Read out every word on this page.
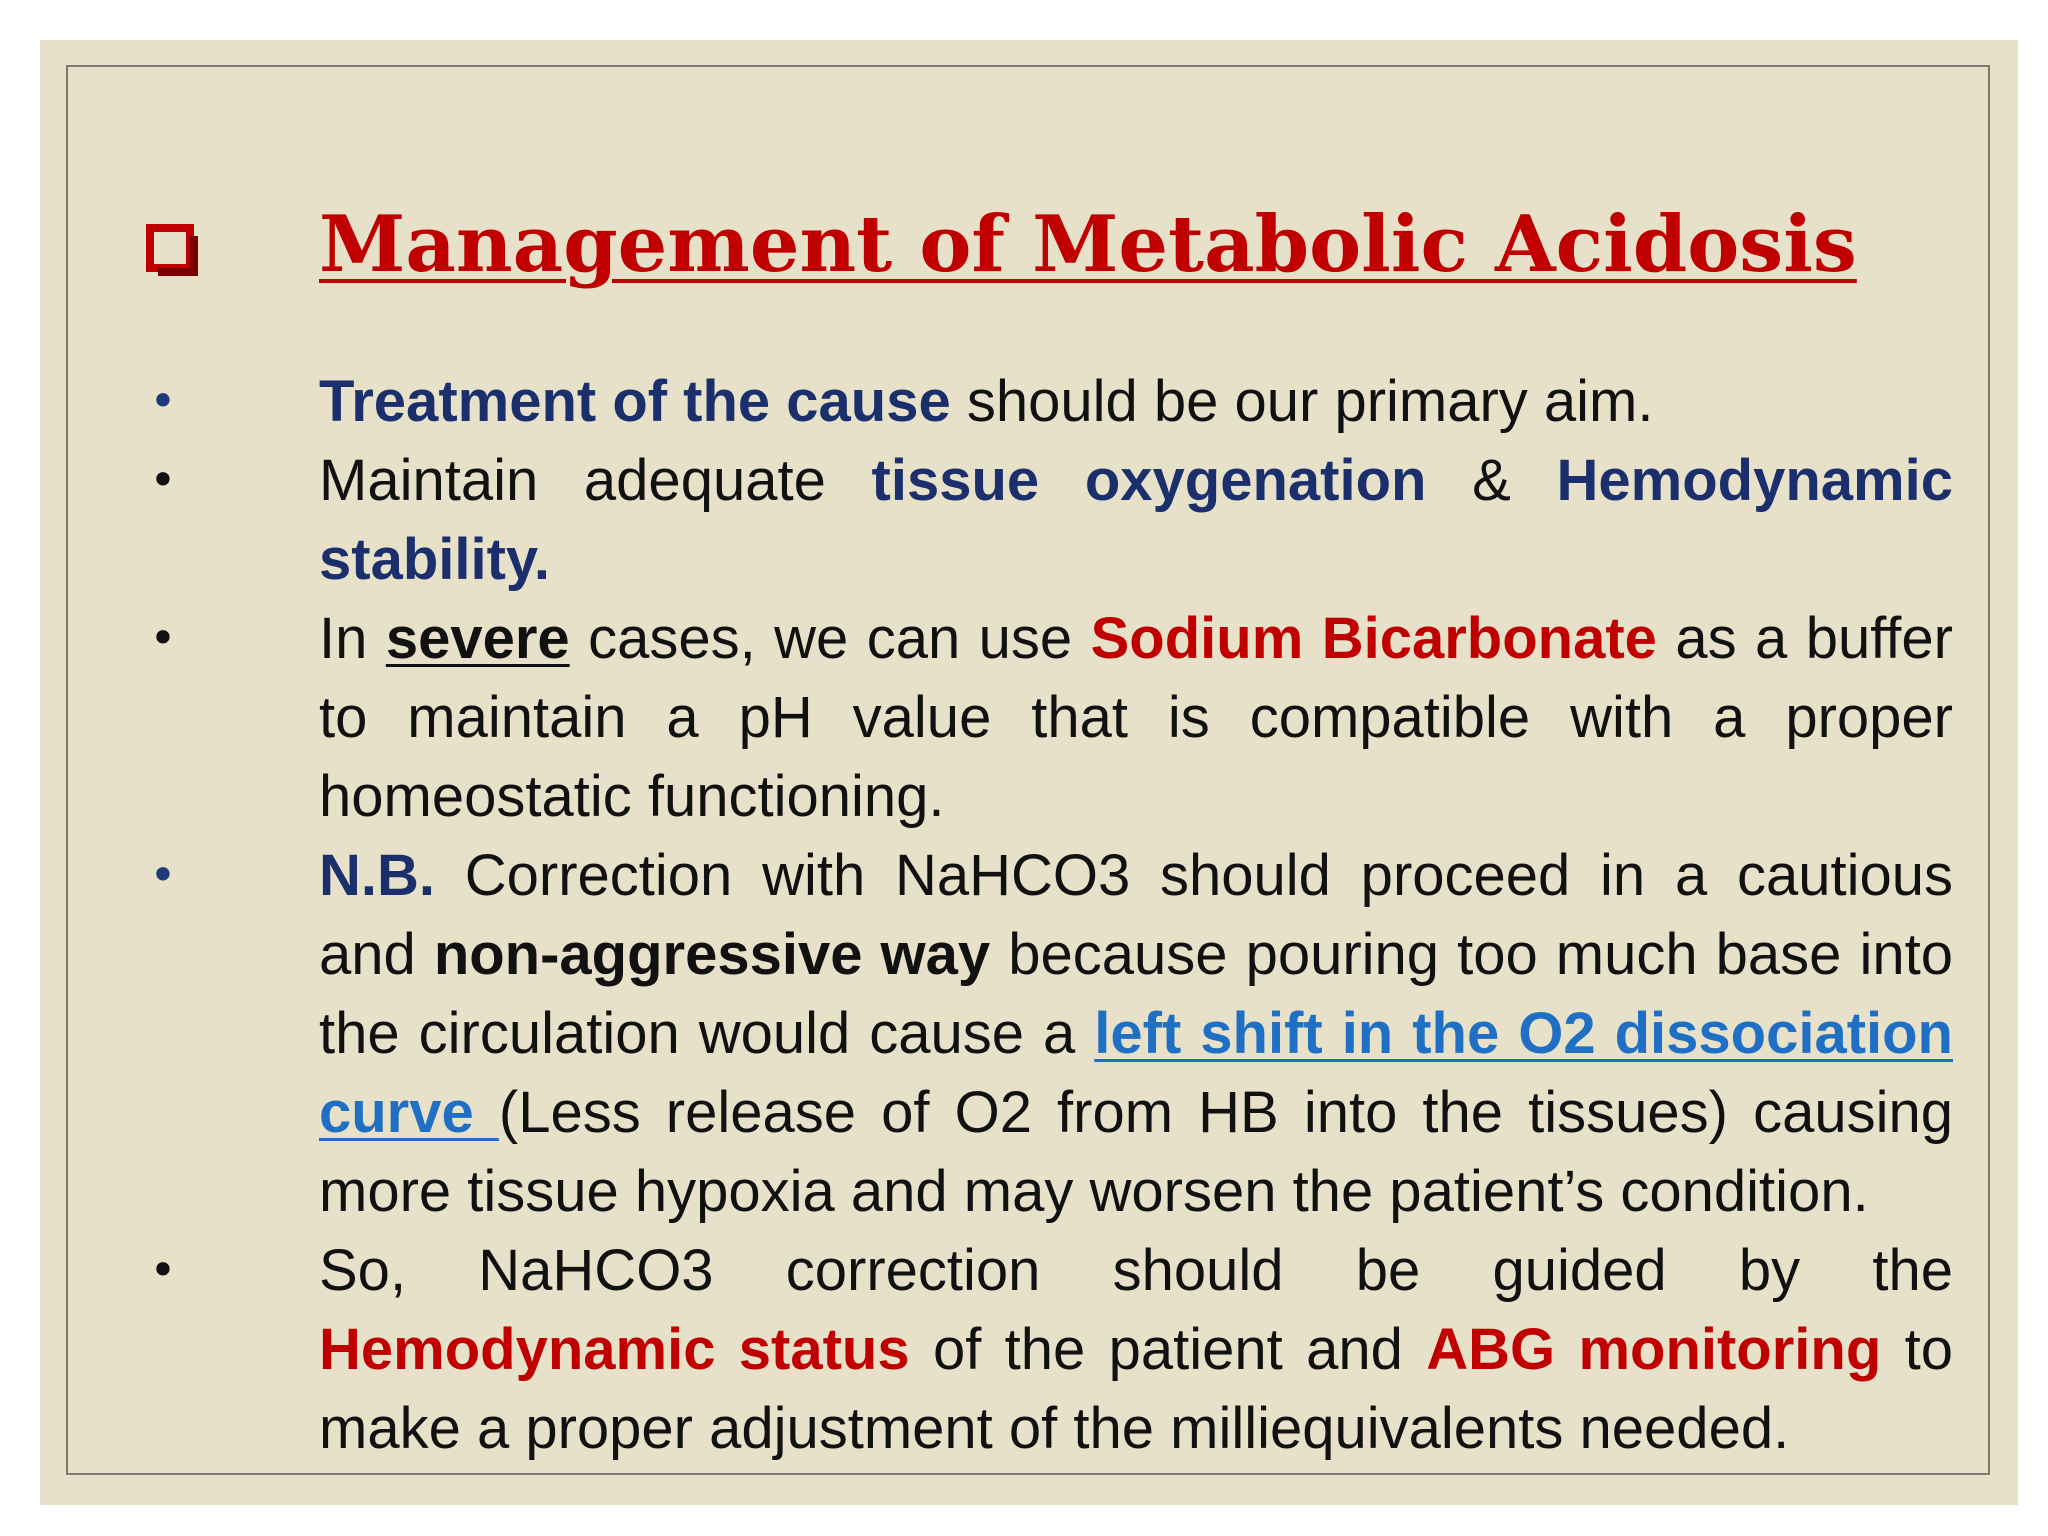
Management of Metabolic Acidosis
• Treatment of the cause should be our primary aim.
• Maintain adequate tissue oxygenation & Hemodynamic stability.
• In severe cases, we can use Sodium Bicarbonate as a buffer to maintain a pH value that is compatible with a proper homeostatic functioning.
• N.B. Correction with NaHCO3 should proceed in a cautious and non-aggressive way because pouring too much base into the circulation would cause a left shift in the O2 dissociation curve (Less release of O2 from HB into the tissues) causing more tissue hypoxia and may worsen the patient’s condition.
• So, NaHCO3 correction should be guided by the Hemodynamic status of the patient and ABG monitoring to make a proper adjustment of the milliequivalents needed.
